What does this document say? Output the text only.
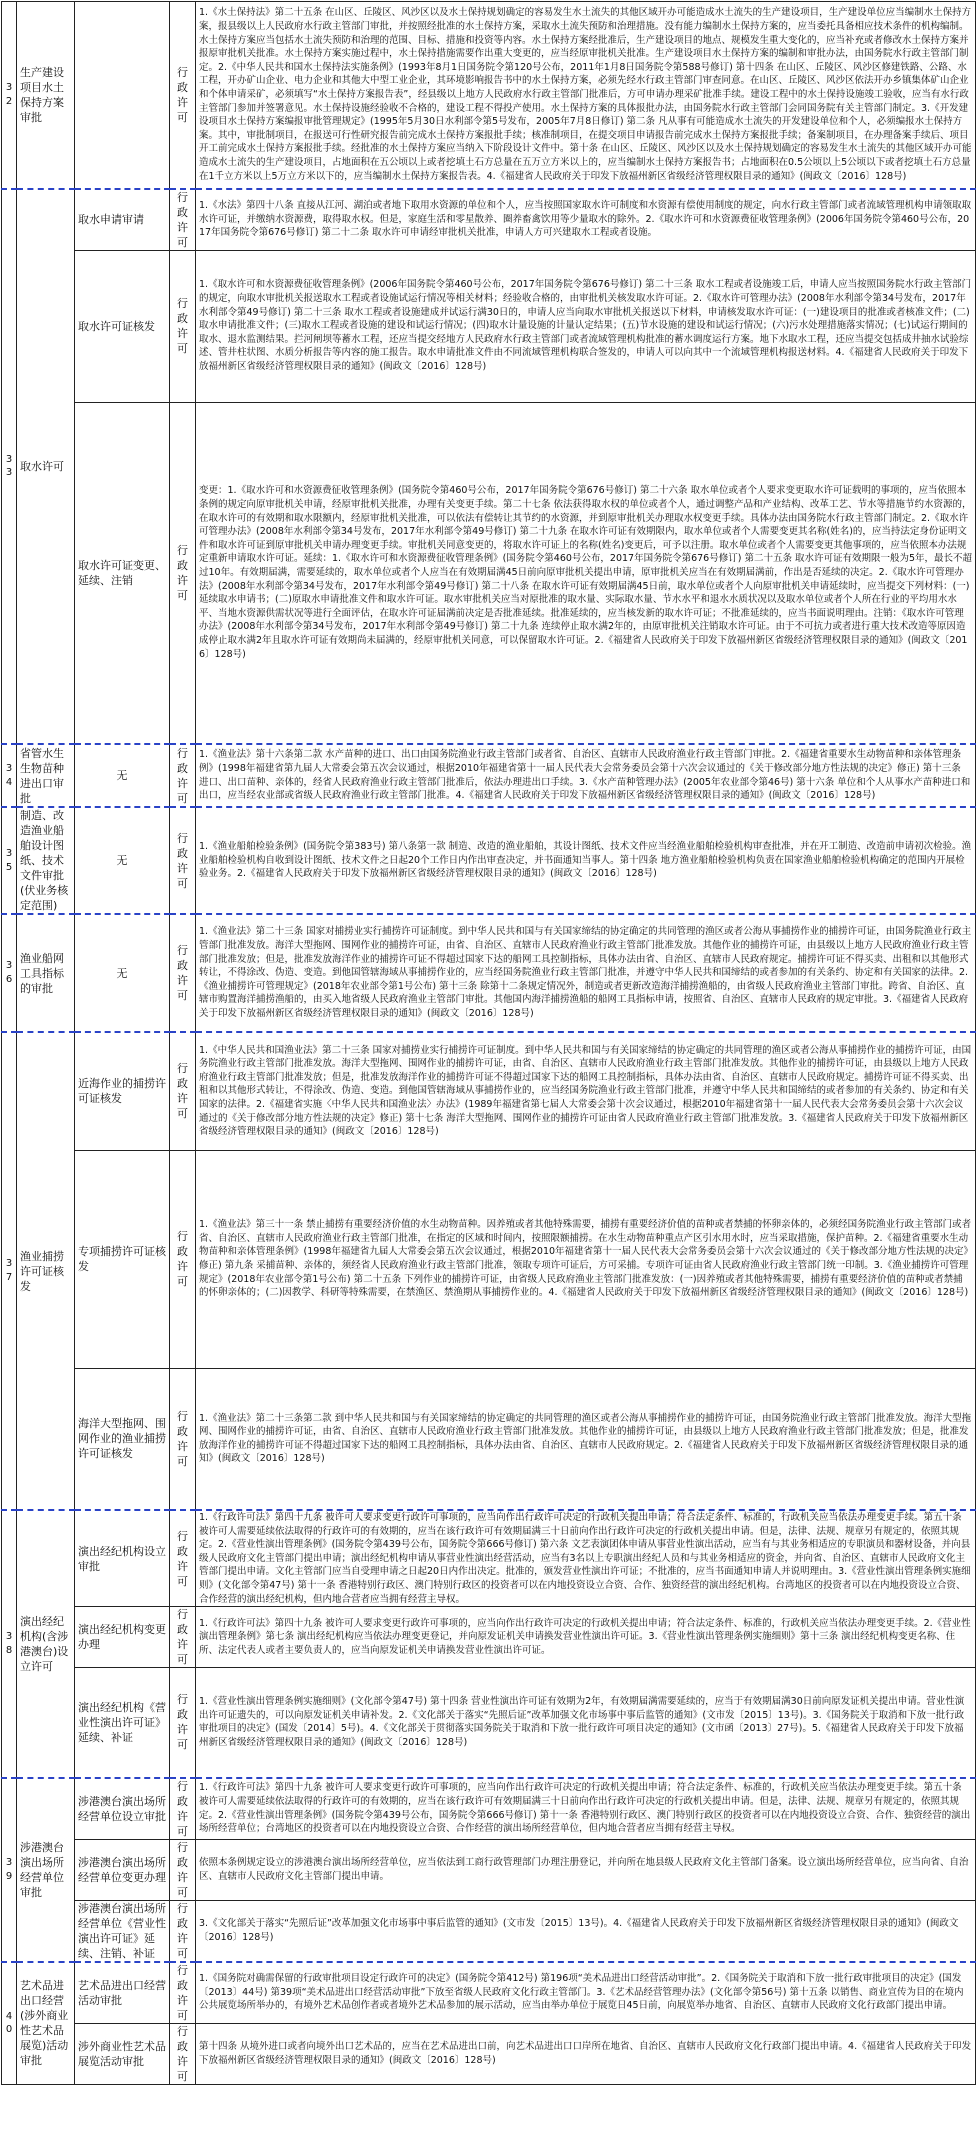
32	生产建设项目水土保持方案审批		行政许可	1.《水土保持法》第二十五条 在山区、丘陵区、风沙区以及水土保持规划确定的容易发生水土流失的其他区域开办可能造成水土流失的生产建设项目，生产建设单位应当编制水土保持方案，报县级以上人民政府水行政主管部门审批，并按照经批准的水土保持方案，采取水土流失预防和治理措施。没有能力编制水土保持方案的，应当委托具备相应技术条件的机构编制。水土保持方案应当包括水土流失预防和治理的范围、目标、措施和投资等内容。水土保持方案经批准后，生产建设项目的地点、规模发生重大变化的，应当补充或者修改水土保持方案并报原审批机关批准。水土保持方案实施过程中，水土保持措施需要作出重大变更的，应当经原审批机关批准。生产建设项目水土保持方案的编制和审批办法，由国务院水行政主管部门制定。2.《中华人民共和国水土保持法实施条例》(1993年8月1日国务院令第120号公布，2011年1月8日国务院令第588号修订) 第十四条 在山区、丘陵区、风沙区修建铁路、公路、水工程，开办矿山企业、电力企业和其他大中型工业企业，其环境影响报告书中的水土保持方案，必须先经水行政主管部门审查同意。在山区、丘陵区、风沙区依法开办乡镇集体矿山企业和个体申请采矿，必须填写“水土保持方案报告表”，经县级以上地方人民政府水行政主管部门批准后，方可申请办理采矿批准手续。建设工程中的水土保持设施竣工验收，应当有水行政主管部门参加并签署意见。水土保持设施经验收不合格的，建设工程不得投产使用。水土保持方案的具体报批办法，由国务院水行政主管部门会同国务院有关主管部门制定。3.《开发建设项目水土保持方案编报审批管理规定》(1995年5月30日水利部令第5号发布，2005年7月8日修订) 第二条 凡从事有可能造成水土流失的开发建设单位和个人，必须编报水土保持方案。其中，审批制项目，在报送可行性研究报告前完成水土保持方案报批手续；核准制项目，在提交项目申请报告前完成水土保持方案报批手续；备案制项目，在办理备案手续后、项目开工前完成水土保持方案报批手续。经批准的水土保持方案应当纳入下阶段设计文件中。第十条 在山区、丘陵区、风沙区以及水土保持规划确定的容易发生水土流失的其他区域开办可能造成水土流失的生产建设项目，占地面积在五公顷以上或者挖填土石方总量在五万立方米以上的，应当编制水土保持方案报告书；占地面积在0.5公顷以上5公顷以下或者挖填土石方总量在1千立方米以上5万立方米以下的，应当编制水土保持方案报告表。4.《福建省人民政府关于印发下放福州新区省级经济管理权限目录的通知》(闽政文〔2016〕128号)
33	取水许可	取水申请审请	行政许可	1.《水法》第四十八条 直接从江河、湖泊或者地下取用水资源的单位和个人，应当按照国家取水许可制度和水资源有偿使用制度的规定，向水行政主管部门或者流域管理机构申请领取取水许可证，并缴纳水资源费，取得取水权。但是，家庭生活和零星散养、圈养畜禽饮用等少量取水的除外。2.《取水许可和水资源费征收管理条例》(2006年国务院令第460号公布，2017年国务院令第676号修订) 第二十二条 取水许可申请经审批机关批准，申请人方可兴建取水工程或者设施。
		取水许可证核发	行政许可	1.《取水许可和水资源费征收管理条例》(2006年国务院令第460号公布，2017年国务院令第676号修订) 第二十三条 取水工程或者设施竣工后，申请人应当按照国务院水行政主管部门的规定，向取水审批机关报送取水工程或者设施试运行情况等相关材料；经验收合格的，由审批机关核发取水许可证。2.《取水许可管理办法》(2008年水利部令第34号发布，2017年水利部令第49号修订) 第二十三条 取水工程或者设施建成并试运行满30日的，申请人应当向取水审批机关报送以下材料，申请核发取水许可证：(一)建设项目的批准或者核准文件；(二)取水申请批准文件；(三)取水工程或者设施的建设和试运行情况；(四)取水计量设施的计量认定结果；(五)节水设施的建设和试运行情况；(六)污水处理措施落实情况；(七)试运行期间的取水、退水监测结果。拦河闸坝等蓄水工程，还应当提交经地方人民政府水行政主管部门或者流域管理机构批准的蓄水调度运行方案。地下水取水工程，还应当提交包括成井抽水试验综述、管井柱状图、水质分析报告等内容的施工报告。取水申请批准文件由不同流域管理机构联合签发的，申请人可以向其中一个流域管理机构报送材料。4.《福建省人民政府关于印发下放福州新区省级经济管理权限目录的通知》(闽政文〔2016〕128号)
		取水许可证变更、延续、注销	行政许可	变更：1.《取水许可和水资源费征收管理条例》(国务院令第460号公布，2017年国务院令第676号修订) 第二十六条 取水单位或者个人要求变更取水许可证载明的事项的，应当依照本条例的规定向原审批机关申请，经原审批机关批准，办理有关变更手续。第二十七条 依法获得取水权的单位或者个人，通过调整产品和产业结构、改革工艺、节水等措施节约水资源的，在取水许可的有效期和取水限额内，经原审批机关批准，可以依法有偿转让其节约的水资源，并到原审批机关办理取水权变更手续。具体办法由国务院水行政主管部门制定。2.《取水许可管理办法》(2008年水利部令第34号发布，2017年水利部令第49号修订) 第二十九条 在取水许可证有效期限内，取水单位或者个人需要变更其名称(姓名)的，应当持法定身份证明文件和取水许可证到原审批机关申请办理变更手续。审批机关同意变更的，将取水许可证上的名称(姓名)变更后，可予以注册。取水单位或者个人需要变更其他事项的，应当依照本办法规定重新申请取水许可证。延续：1.《取水许可和水资源费征收管理条例》(国务院令第460号公布，2017年国务院令第676号修订) 第二十五条 取水许可证有效期限一般为5年，最长不超过10年。有效期届满，需要延续的，取水单位或者个人应当在有效期届满45日前向原审批机关提出申请，原审批机关应当在有效期届满前，作出是否延续的决定。2.《取水许可管理办法》(2008年水利部令第34号发布，2017年水利部令第49号修订) 第二十八条 在取水许可证有效期届满45日前，取水单位或者个人向原审批机关申请延续时，应当提交下列材料：(一)延续取水申请书；(二)原取水申请批准文件和取水许可证。取水审批机关应当对原批准的取水量、实际取水量、节水水平和退水水质状况以及取水单位或者个人所在行业的平均用水水平、当地水资源供需状况等进行全面评估，在取水许可证届满前决定是否批准延续。批准延续的，应当核发新的取水许可证；不批准延续的，应当书面说明理由。注销：《取水许可管理办法》(2008年水利部令第34号发布，2017年水利部令第49号修订) 第二十九条 连续停止取水满2年的，由原审批机关注销取水许可证。由于不可抗力或者进行重大技术改造等原因造成停止取水满2年且取水许可证有效期尚未届满的，经原审批机关同意，可以保留取水许可证。2.《福建省人民政府关于印发下放福州新区省级经济管理权限目录的通知》(闽政文〔2016〕128号)
34	省管水生生物苗种进出口审批	无	行政许可	1.《渔业法》第十六条第二款 水产苗种的进口、出口由国务院渔业行政主管部门或者省、自治区、直辖市人民政府渔业行政主管部门审批。2.《福建省重要水生动物苗种和亲体管理条例》(1998年福建省第九届人大常委会第五次会议通过，根据2010年福建省第十一届人民代表大会常务委员会第十六次会议通过的《关于修改部分地方性法规的决定》修正) 第十三条 进口、出口苗种、亲体的，经省人民政府渔业行政主管部门批准后，依法办理进出口手续。3.《水产苗种管理办法》(2005年农业部令第46号) 第十六条 单位和个人从事水产苗种进口和出口，应当经农业部或省级人民政府渔业行政主管部门批准。4.《福建省人民政府关于印发下放福州新区省级经济管理权限目录的通知》(闽政文〔2016〕128号)
35	制造、改造渔业船舶设计图纸、技术文件审批(伏业务核定范围)	无	行政许可	1.《渔业船舶检验条例》(国务院令第383号) 第八条第一款 制造、改造的渔业船舶，其设计图纸、技术文件应当经渔业船舶检验机构审查批准，并在开工制造、改造前申请初次检验。渔业船舶检验机构自收到设计图纸、技术文件之日起20个工作日内作出审查决定，并书面通知当事人。第十四条 地方渔业船舶检验机构负责在国家渔业船舶检验机构确定的范围内开展检验业务。2.《福建省人民政府关于印发下放福州新区省级经济管理权限目录的通知》(闽政文〔2016〕128号)
36	渔业船网工具指标的审批	无	行政许可	1.《渔业法》第二十三条 国家对捕捞业实行捕捞许可证制度。到中华人民共和国与有关国家缔结的协定确定的共同管理的渔区或者公海从事捕捞作业的捕捞许可证，由国务院渔业行政主管部门批准发放。海洋大型拖网、围网作业的捕捞许可证，由省、自治区、直辖市人民政府渔业行政主管部门批准发放。其他作业的捕捞许可证，由县级以上地方人民政府渔业行政主管部门批准发放；但是，批准发放海洋作业的捕捞许可证不得超过国家下达的船网工具控制指标，具体办法由省、自治区、直辖市人民政府规定。捕捞许可证不得买卖、出租和以其他形式转让，不得涂改、伪造、变造。到他国管辖海域从事捕捞作业的，应当经国务院渔业行政主管部门批准，并遵守中华人民共和国缔结的或者参加的有关条约、协定和有关国家的法律。2.《渔业捕捞许可管理规定》(2018年农业部令第1号公布) 第十三条 除第十二条规定情况外，制造或者更新改造海洋捕捞渔船的，由省级人民政府渔业主管部门审批。跨省、自治区、直辖市购置海洋捕捞渔船的，由买入地省级人民政府渔业主管部门审批。其他国内海洋捕捞渔船的船网工具指标申请，按照省、自治区、直辖市人民政府的规定审批。3.《福建省人民政府关于印发下放福州新区省级经济管理权限目录的通知》(闽政文〔2016〕128号)
37	渔业捕捞许可证核发	近海作业的捕捞许可证核发	行政许可	1.《中华人民共和国渔业法》第二十三条 国家对捕捞业实行捕捞许可证制度。到中华人民共和国与有关国家缔结的协定确定的共同管理的渔区或者公海从事捕捞作业的捕捞许可证，由国务院渔业行政主管部门批准发放。海洋大型拖网、围网作业的捕捞许可证，由省、自治区、直辖市人民政府渔业行政主管部门批准发放。其他作业的捕捞许可证，由县级以上地方人民政府渔业行政主管部门批准发放；但是，批准发放海洋作业的捕捞许可证不得超过国家下达的船网工具控制指标，具体办法由省、自治区、直辖市人民政府规定。捕捞许可证不得买卖、出租和以其他形式转让，不得涂改、伪造、变造。到他国管辖海域从事捕捞作业的，应当经国务院渔业行政主管部门批准，并遵守中华人民共和国缔结的或者参加的有关条约、协定和有关国家的法律。2.《福建省实施〈中华人民共和国渔业法〉办法》(1989年福建省第七届人大常委会第十次会议通过，根据2010年福建省第十一届人民代表大会常务委员会第十六次会议通过的《关于修改部分地方性法规的决定》修正) 第十七条 海洋大型拖网、围网作业的捕捞许可证由省人民政府渔业行政主管部门批准发放。3.《福建省人民政府关于印发下放福州新区省级经济管理权限目录的通知》(闽政文〔2016〕128号)
		专项捕捞许可证核发	行政许可	1.《渔业法》第三十一条 禁止捕捞有重要经济价值的水生动物苗种。因养殖或者其他特殊需要，捕捞有重要经济价值的苗种或者禁捕的怀卵亲体的，必须经国务院渔业行政主管部门或者省、自治区、直辖市人民政府渔业行政主管部门批准，在指定的区域和时间内，按照限额捕捞。在水生动物苗种重点产区引水用水时，应当采取措施，保护苗种。2.《福建省重要水生动物苗种和亲体管理条例》(1998年福建省九届人大常委会第五次会议通过，根据2010年福建省第十一届人民代表大会常务委员会第十六次会议通过的《关于修改部分地方性法规的决定》修正) 第九条 采捕苗种、亲体的，须经省人民政府渔业行政主管部门批准，领取专项许可证后，方可采捕。专项许可证由省人民政府渔业行政主管部门统一印制。3.《渔业捕捞许可管理规定》(2018年农业部令第1号公布) 第二十五条 下列作业的捕捞许可证，由省级人民政府渔业主管部门批准发放：(一)因养殖或者其他特殊需要，捕捞有重要经济价值的苗种或者禁捕的怀卵亲体的；(二)因教学、科研等特殊需要，在禁渔区、禁渔期从事捕捞作业的。4.《福建省人民政府关于印发下放福州新区省级经济管理权限目录的通知》(闽政文〔2016〕128号)
		海洋大型拖网、围网作业的渔业捕捞许可证核发	行政许可	1.《渔业法》第二十三条第二款 到中华人民共和国与有关国家缔结的协定确定的共同管理的渔区或者公海从事捕捞作业的捕捞许可证，由国务院渔业行政主管部门批准发放。海洋大型拖网、围网作业的捕捞许可证，由省、自治区、直辖市人民政府渔业行政主管部门批准发放。其他作业的捕捞许可证，由县级以上地方人民政府渔业行政主管部门批准发放；但是，批准发放海洋作业的捕捞许可证不得超过国家下达的船网工具控制指标，具体办法由省、自治区、直辖市人民政府规定。2.《福建省人民政府关于印发下放福州新区省级经济管理权限目录的通知》(闽政文〔2016〕128号)
38	演出经纪机构(含涉港澳台)设立许可	演出经纪机构设立审批	行政许可	1.《行政许可法》第四十九条 被许可人要求变更行政许可事项的，应当向作出行政许可决定的行政机关提出申请；符合法定条件、标准的，行政机关应当依法办理变更手续。第五十条 被许可人需要延续依法取得的行政许可的有效期的，应当在该行政许可有效期届满三十日前向作出行政许可决定的行政机关提出申请。但是，法律、法规、规章另有规定的，依照其规定。2.《营业性演出管理条例》(国务院令第439号公布，国务院令第666号修订) 第六条 文艺表演团体申请从事营业性演出活动，应当有与其业务相适应的专职演员和器材设备，并向县级人民政府文化主管部门提出申请；演出经纪机构申请从事营业性演出经营活动，应当有3名以上专职演出经纪人员和与其业务相适应的资金，并向省、自治区、直辖市人民政府文化主管部门提出申请。文化主管部门应当自受理申请之日起20日内作出决定。批准的，颁发营业性演出许可证；不批准的，应当书面通知申请人并说明理由。3.《营业性演出管理条例实施细则》(文化部令第47号) 第十一条 香港特别行政区、澳门特别行政区的投资者可以在内地投资设立合资、合作、独资经营的演出经纪机构。台湾地区的投资者可以在内地投资设立合资、合作经营的演出经纪机构，但内地合营者应当拥有经营主导权。
		演出经纪机构变更办理	行政许可	1.《行政许可法》第四十九条 被许可人要求变更行政许可事项的，应当向作出行政许可决定的行政机关提出申请；符合法定条件、标准的，行政机关应当依法办理变更手续。2.《营业性演出管理条例》第七条 演出经纪机构应当依法办理变更登记，并向原发证机关申请换发营业性演出许可证。3.《营业性演出管理条例实施细则》第十三条 演出经纪机构变更名称、住所、法定代表人或者主要负责人的，应当向原发证机关申请换发营业性演出许可证。
		演出经纪机构《营业性演出许可证》延续、补证	行政许可	1.《营业性演出管理条例实施细则》(文化部令第47号) 第十四条 营业性演出许可证有效期为2年，有效期届满需要延续的，应当于有效期届满30日前向原发证机关提出申请。营业性演出许可证遗失的，可以向原发证机关申请补发。2.《文化部关于落实“先照后证”改革加强文化市场事中事后监管的通知》(文市发〔2015〕13号)。3.《国务院关于取消和下放一批行政审批项目的决定》(国发〔2014〕5号)。4.《文化部关于贯彻落实国务院关于取消和下放一批行政许可项目决定的通知》(文市函〔2013〕27号)。5.《福建省人民政府关于印发下放福州新区省级经济管理权限目录的通知》(闽政文〔2016〕128号)
39	涉港澳台演出场所经营单位审批	涉港澳台演出场所经营单位设立审批	行政许可	1.《行政许可法》第四十九条 被许可人要求变更行政许可事项的，应当向作出行政许可决定的行政机关提出申请；符合法定条件、标准的，行政机关应当依法办理变更手续。第五十条 被许可人需要延续依法取得的行政许可的有效期的，应当在该行政许可有效期届满三十日前向作出行政许可决定的行政机关提出申请。但是，法律、法规、规章另有规定的，依照其规定。2.《营业性演出管理条例》(国务院令第439号公布，国务院令第666号修订) 第十一条 香港特别行政区、澳门特别行政区的投资者可以在内地投资设立合资、合作、独资经营的演出场所经营单位；台湾地区的投资者可以在内地投资设立合资、合作经营的演出场所经营单位，但内地合营者应当拥有经营主导权。
		涉港澳台演出场所经营单位变更办理	行政许可	依照本条例规定设立的涉港澳台演出场所经营单位，应当依法到工商行政管理部门办理注册登记，并向所在地县级人民政府文化主管部门备案。设立演出场所经营单位，应当向省、自治区、直辖市人民政府文化主管部门提出申请。
		涉港澳台演出场所经营单位《营业性演出许可证》延续、注销、补证	行政许可	3.《文化部关于落实“先照后证”改革加强文化市场事中事后监管的通知》(文市发〔2015〕13号)。4.《福建省人民政府关于印发下放福州新区省级经济管理权限目录的通知》(闽政文〔2016〕128号)
40	艺术品进出口经营(涉外商业性艺术品展览)活动审批	艺术品进出口经营活动审批	行政许可	1.《国务院对确需保留的行政审批项目设定行政许可的决定》(国务院令第412号) 第196项“美术品进出口经营活动审批”。2.《国务院关于取消和下放一批行政审批项目的决定》(国发〔2013〕44号) 第39项“美术品进出口经营活动审批”下放至省级人民政府文化行政主管部门。3.《艺术品经营管理办法》(文化部令第56号) 第十五条 以销售、商业宣传为目的在境内公共展览场所举办的，有境外艺术品创作者或者境外艺术品参加的展示活动，应当由举办单位于展览日45日前，向展览举办地省、自治区、直辖市人民政府文化行政部门提出申请。
		涉外商业性艺术品展览活动审批	行政许可	第十四条 从境外进口或者向境外出口艺术品的，应当在艺术品进出口前，向艺术品进出口口岸所在地省、自治区、直辖市人民政府文化行政部门提出申请。4.《福建省人民政府关于印发下放福州新区省级经济管理权限目录的通知》(闽政文〔2016〕128号)
